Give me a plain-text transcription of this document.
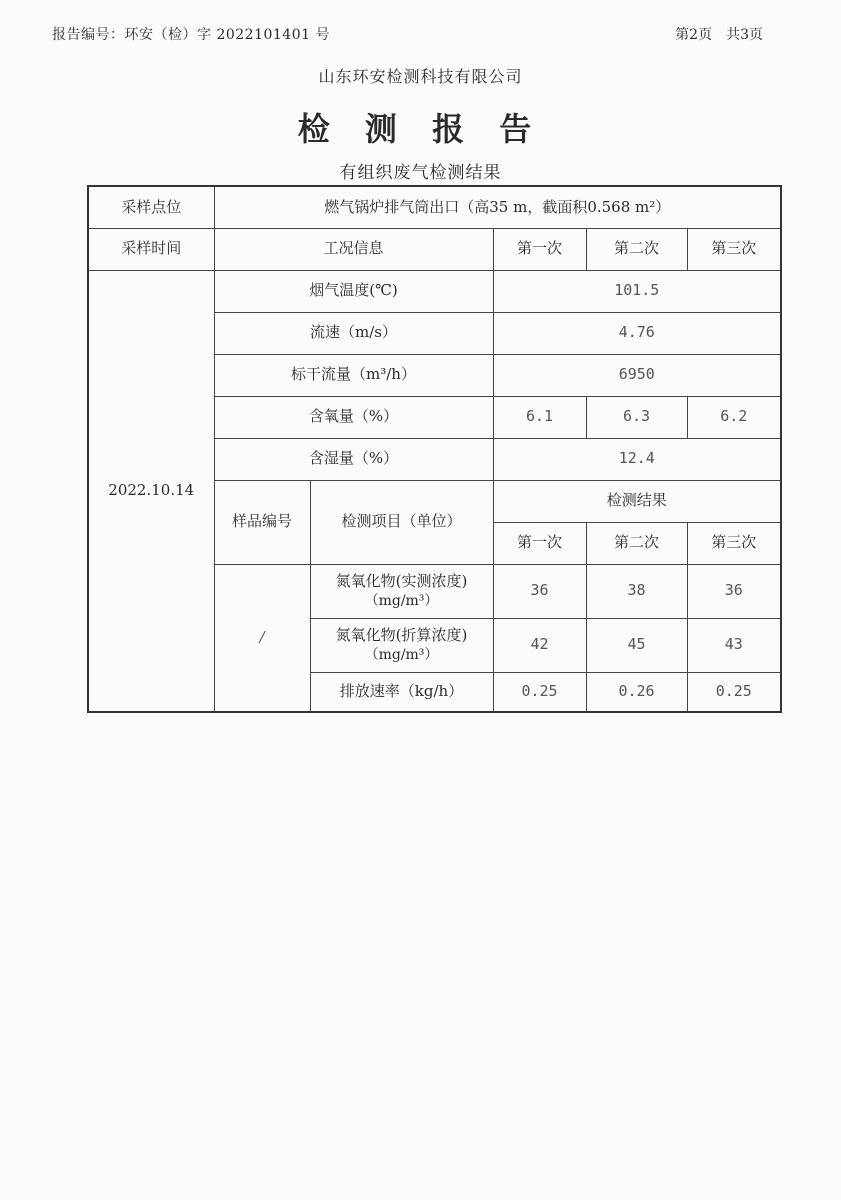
报告编号：环安（检）字 2022101401 号	第2页 共3页
山东环安检测科技有限公司
检 测 报 告
有组织废气检测结果
采样点位	燃气锅炉排气筒出口（高35 m，截面积0.568 m²）				
采样时间	工况信息		第一次	第二次	第三次
2022.10.14	烟气温度(℃)		101.5		
	流速（m/s）		4.76		
	标干流量（m³/h）		6950		
	含氧量（%）		6.1	6.3	6.2
	含湿量（%）		12.4		
	样品编号	检测项目（单位）	检测结果		
			第一次	第二次	第三次
	/	氮氧化物(实测浓度)
（mg/m³）	36	38	36

		氮氧化物(折算浓度)
（mg/m³）	42	45	43
		排放速率（kg/h）	0.25	0.26	0.25
